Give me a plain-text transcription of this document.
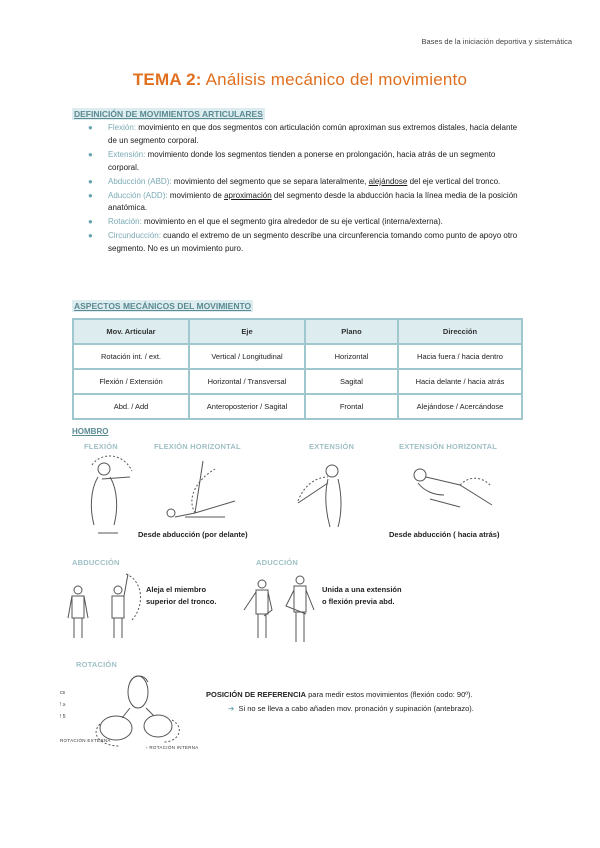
Bases de la iniciación deportiva y sistemática
TEMA 2: Análisis mecánico del movimiento
DEFINICIÓN DE MOVIMIENTOS ARTICULARES
● Flexión: movimiento en que dos segmentos con articulación común aproximan sus extremos distales, hacia delante de un segmento corporal.
● Extensión: movimiento donde los segmentos tienden a ponerse en prolongación, hacia atrás de un segmento corporal.
● Abducción (ABD): movimiento del segmento que se separa lateralmente, alejándose del eje vertical del tronco.
● Aducción (ADD): movimiento de aproximación del segmento desde la abducción hacia la línea media de la posición anatómica.
● Rotación: movimiento en el que el segmento gira alrededor de su eje vertical (interna/externa).
● Circunducción: cuando el extremo de un segmento describe una circunferencia tomando como punto de apoyo otro segmento. No es un movimiento puro.
ASPECTOS MECÁNICOS DEL MOVIMIENTO
Mov. Articular	Eje	Plano	Dirección
Rotación int. / ext.	Vertical / Longitudinal	Horizontal	Hacia fuera / hacia dentro
Flexión / Extensión	Horizontal / Transversal	Sagital	Hacia delante / hacia atrás
Abd. / Add	Anteroposterior / Sagital	Frontal	Alejándose / Acercándose
HOMBRO
FLEXIÓN	FLEXIÓN HORIZONTAL	EXTENSIÓN	EXTENSIÓN HORIZONTAL
Desde abducción (por delante)	Desde abducción ( hacia atrás)
ABDUCCIÓN	ADUCCIÓN
Aleja el miembro
superior del tronco.
Unida a una extensión
o flexión previa abd.
ROTACIÓN
cs
! ≥
! 5
ROTACIÓN EXTERNA
› ROTACIÓN INTERNA
POSICIÓN DE REFERENCIA para medir estos movimientos (flexión codo: 90º).
➔ Si no se lleva a cabo añaden mov. pronación y supinación (antebrazo).
